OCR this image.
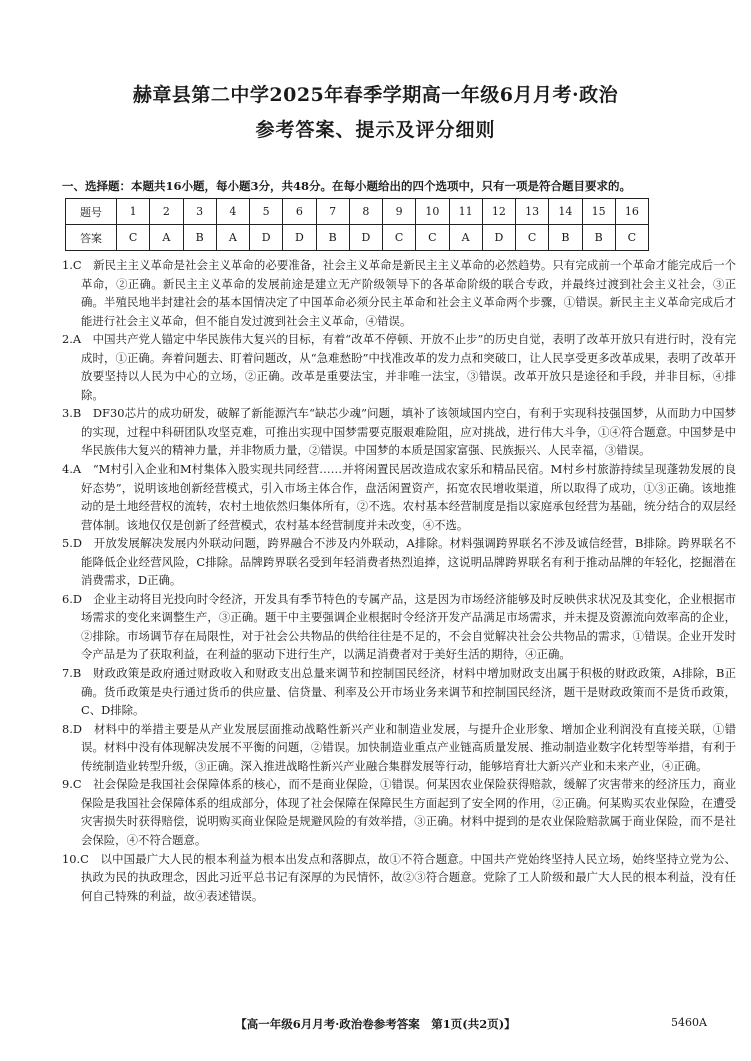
赫章县第二中学2025年春季学期高一年级6月月考·政治
参考答案、提示及评分细则
一、选择题：本题共16小题，每小题3分，共48分。在每小题给出的四个选项中，只有一项是符合题目要求的。
题号	1	2	3	4	5	6	7	8	9	10	11	12	13	14	15	16
答案	C	A	B	A	D	D	B	D	C	C	A	D	C	B	B	C

1.C　新民主主义革命是社会主义革命的必要准备，社会主义革命是新民主主义革命的必然趋势。只有完成前一个革命才能完成后一个革命，②正确。新民主主义革命的发展前途是建立无产阶级领导下的各革命阶级的联合专政，并最终过渡到社会主义社会，③正确。半殖民地半封建社会的基本国情决定了中国革命必须分民主革命和社会主义革命两个步骤，①错误。新民主主义革命完成后才能进行社会主义革命，但不能自发过渡到社会主义革命，④错误。

2.A　中国共产党人锚定中华民族伟大复兴的目标，有着“改革不停顿、开放不止步”的历史自觉，表明了改革开放只有进行时，没有完成时，①正确。奔着问题去、盯着问题改，从“急难愁盼”中找准改革的发力点和突破口，让人民享受更多改革成果，表明了改革开放要坚持以人民为中心的立场，②正确。改革是重要法宝，并非唯一法宝，③错误。改革开放只是途径和手段，并非目标，④排除。

3.B　DF30芯片的成功研发，破解了新能源汽车“缺芯少魂”问题，填补了该领域国内空白，有利于实现科技强国梦，从而助力中国梦的实现，过程中科研团队攻坚克难，可推出实现中国梦需要克服艰难险阻，应对挑战，进行伟大斗争，①④符合题意。中国梦是中华民族伟大复兴的精神力量，并非物质力量，②错误。中国梦的本质是国家富强、民族振兴、人民幸福，③错误。

4.A　“M村引入企业和M村集体入股实现共同经营……并将闲置民居改造成农家乐和精品民宿。M村乡村旅游持续呈现蓬勃发展的良好态势”，说明该地创新经营模式，引入市场主体合作，盘活闲置资产，拓宽农民增收渠道，所以取得了成功，①③正确。该地推动的是土地经营权的流转，农村土地依然归集体所有，②不选。农村基本经营制度是指以家庭承包经营为基础，统分结合的双层经营体制。该地仅仅是创新了经营模式，农村基本经营制度并未改变，④不选。

5.D　开放发展解决发展内外联动问题，跨界融合不涉及内外联动，A排除。材料强调跨界联名不涉及诚信经营，B排除。跨界联名不能降低企业经营风险，C排除。品牌跨界联名受到年轻消费者热烈追捧，这说明品牌跨界联名有利于推动品牌的年轻化，挖掘潜在消费需求，D正确。

6.D　企业主动将目光投向时令经济，开发具有季节特色的专属产品，这是因为市场经济能够及时反映供求状况及其变化，企业根据市场需求的变化来调整生产，③正确。题干中主要强调企业根据时令经济开发产品满足市场需求，并未提及资源流向效率高的企业，②排除。市场调节存在局限性，对于社会公共物品的供给往往是不足的，不会自觉解决社会公共物品的需求，①错误。企业开发时令产品是为了获取利益，在利益的驱动下进行生产，以满足消费者对于美好生活的期待，④正确。

7.B　财政政策是政府通过财政收入和财政支出总量来调节和控制国民经济，材料中增加财政支出属于积极的财政政策，A排除，B正确。货币政策是央行通过货币的供应量、信贷量、利率及公开市场业务来调节和控制国民经济，题干是财政政策而不是货币政策，C、D排除。

8.D　材料中的举措主要是从产业发展层面推动战略性新兴产业和制造业发展，与提升企业形象、增加企业利润没有直接关联，①错误。材料中没有体现解决发展不平衡的问题，②错误。加快制造业重点产业链高质量发展、推动制造业数字化转型等举措，有利于传统制造业转型升级，③正确。深入推进战略性新兴产业融合集群发展等行动，能够培育壮大新兴产业和未来产业，④正确。

9.C　社会保险是我国社会保障体系的核心，而不是商业保险，①错误。何某因农业保险获得赔款，缓解了灾害带来的经济压力，商业保险是我国社会保障体系的组成部分，体现了社会保障在保障民生方面起到了安全网的作用，②正确。何某购买农业保险，在遭受灾害损失时获得赔偿，说明购买商业保险是规避风险的有效举措，③正确。材料中提到的是农业保险赔款属于商业保险，而不是社会保险，④不符合题意。

10.C　以中国最广大人民的根本利益为根本出发点和落脚点，故①不符合题意。中国共产党始终坚持人民立场，始终坚持立党为公、执政为民的执政理念，因此习近平总书记有深厚的为民情怀，故②③符合题意。党除了工人阶级和最广大人民的根本利益，没有任何自己特殊的利益，故④表述错误。

【高一年级6月月考·政治卷参考答案　第1页(共2页)】	5460A
